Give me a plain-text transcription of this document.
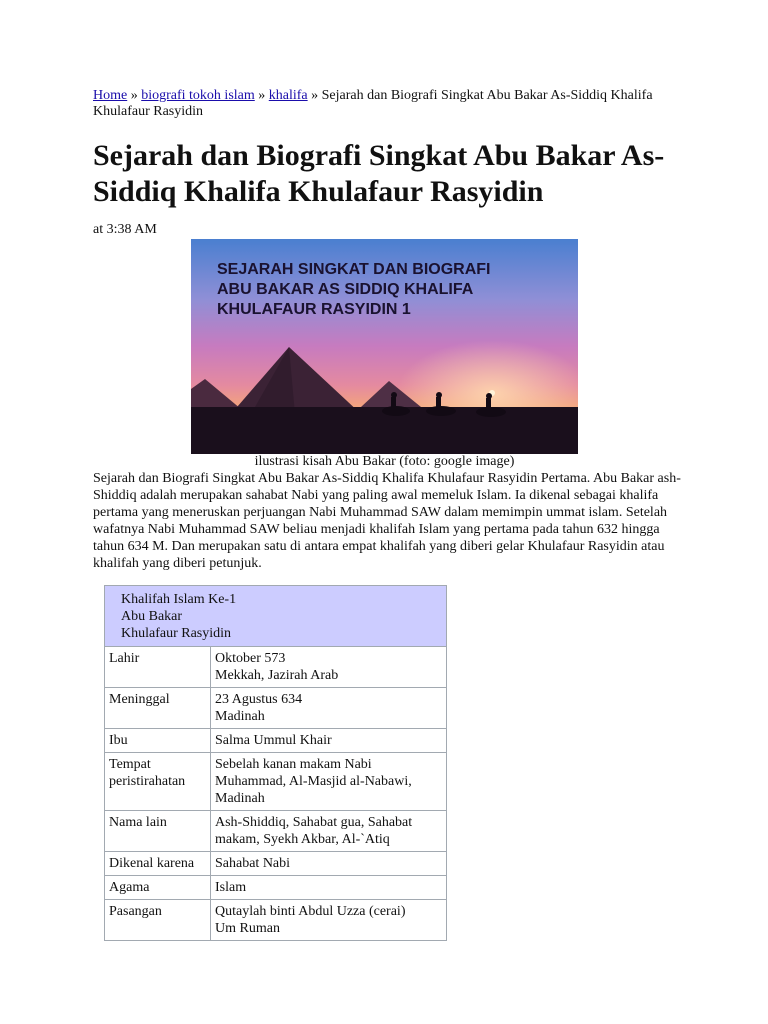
Home » biografi tokoh islam » khalifa » Sejarah dan Biografi Singkat Abu Bakar As-Siddiq Khalifa Khulafaur Rasyidin
Sejarah dan Biografi Singkat Abu Bakar As-Siddiq Khalifa Khulafaur Rasyidin
at 3:38 AM
SEJARAH SINGKAT DAN BIOGRAFI
ABU BAKAR AS SIDDIQ KHALIFA
KHULAFAUR RASYIDIN 1
ilustrasi kisah Abu Bakar (foto: google image)

Sejarah dan Biografi Singkat Abu Bakar As-Siddiq Khalifa Khulafaur Rasyidin Pertama. Abu Bakar ash-Shiddiq adalah merupakan sahabat Nabi yang paling awal memeluk Islam. Ia dikenal sebagai khalifa pertama yang meneruskan perjuangan Nabi Muhammad SAW dalam memimpin ummat islam. Setelah wafatnya Nabi Muhammad SAW beliau menjadi khalifah Islam yang pertama pada tahun 632 hingga tahun 634 M. Dan merupakan satu di antara empat khalifah yang diberi gelar Khulafaur Rasyidin atau khalifah yang diberi petunjuk.

Khalifah Islam Ke-1
Abu Bakar
Khulafaur Rasyidin	

Lahir	Oktober 573
Mekkah, Jazirah Arab

Meninggal	23 Agustus 634
Madinah

Ibu	Salma Ummul Khair
Tempat peristirahatan	Sebelah kanan makam Nabi Muhammad, Al-Masjid al-Nabawi, Madinah
Nama lain	Ash-Shiddiq, Sahabat gua, Sahabat makam, Syekh Akbar, Al-`Atiq
Dikenal karena	Sahabat Nabi
Agama	Islam
Pasangan	Qutaylah binti Abdul Uzza (cerai)
Um Ruman
